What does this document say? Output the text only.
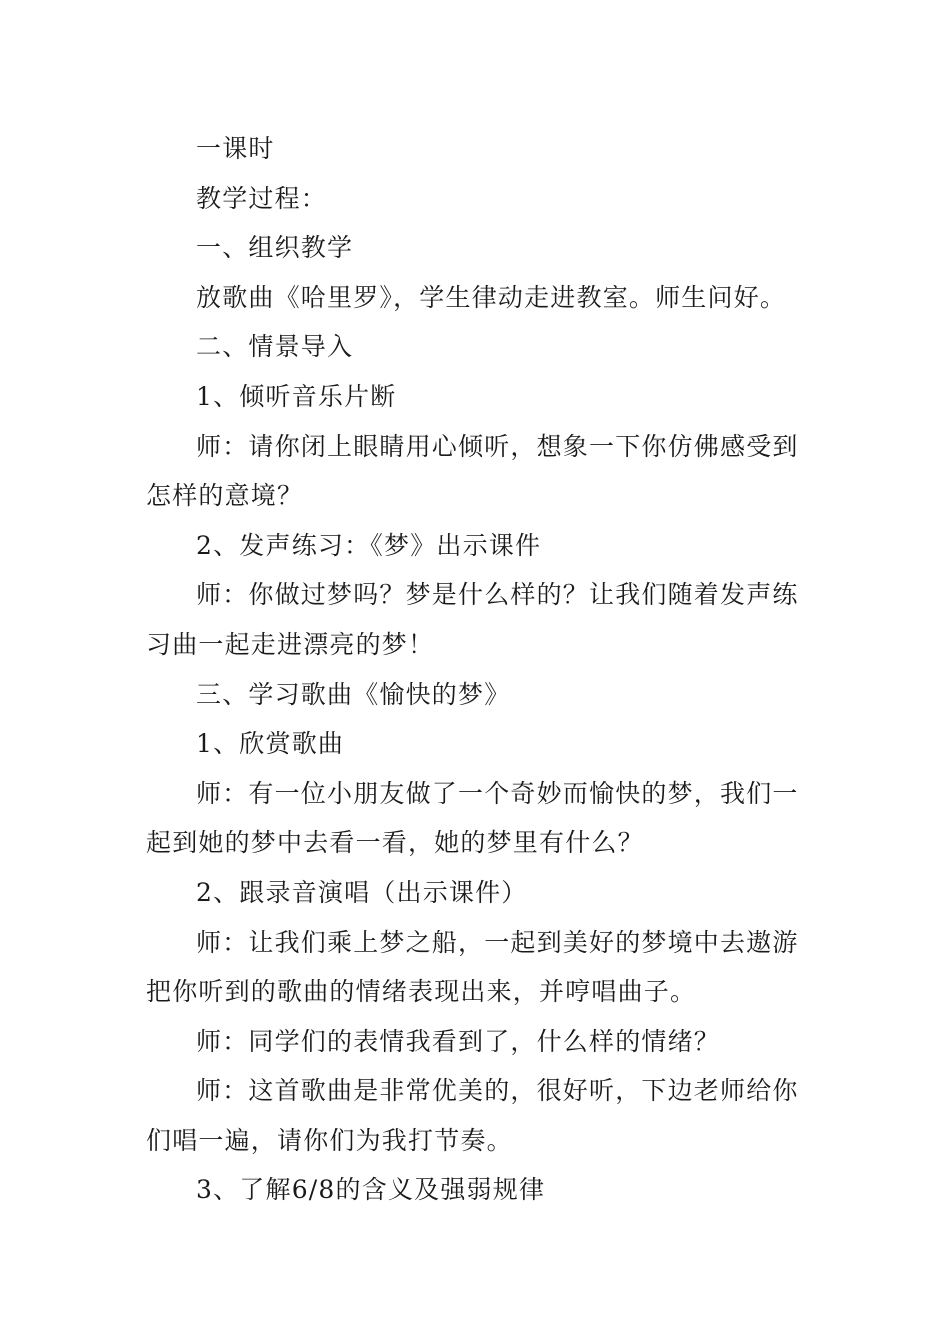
一课时

教学过程：

一、组织教学

放歌曲《哈里罗》，学生律动走进教室。师生问好。

二、情景导入

1、倾听音乐片断

师：请你闭上眼睛用心倾听，想象一下你仿佛感受到怎样的意境？

2、发声练习：《梦》出示课件

师：你做过梦吗？梦是什么样的？让我们随着发声练习曲一起走进漂亮的梦！

三、学习歌曲《愉快的梦》

1、欣赏歌曲

师：有一位小朋友做了一个奇妙而愉快的梦，我们一起到她的梦中去看一看，她的梦里有什么？

2、跟录音演唱（出示课件）

师：让我们乘上梦之船，一起到美好的梦境中去遨游把你听到的歌曲的情绪表现出来，并哼唱曲子。

师：同学们的表情我看到了，什么样的情绪？

师：这首歌曲是非常优美的，很好听，下边老师给你们唱一遍，请你们为我打节奏。

3、了解6/8的含义及强弱规律
